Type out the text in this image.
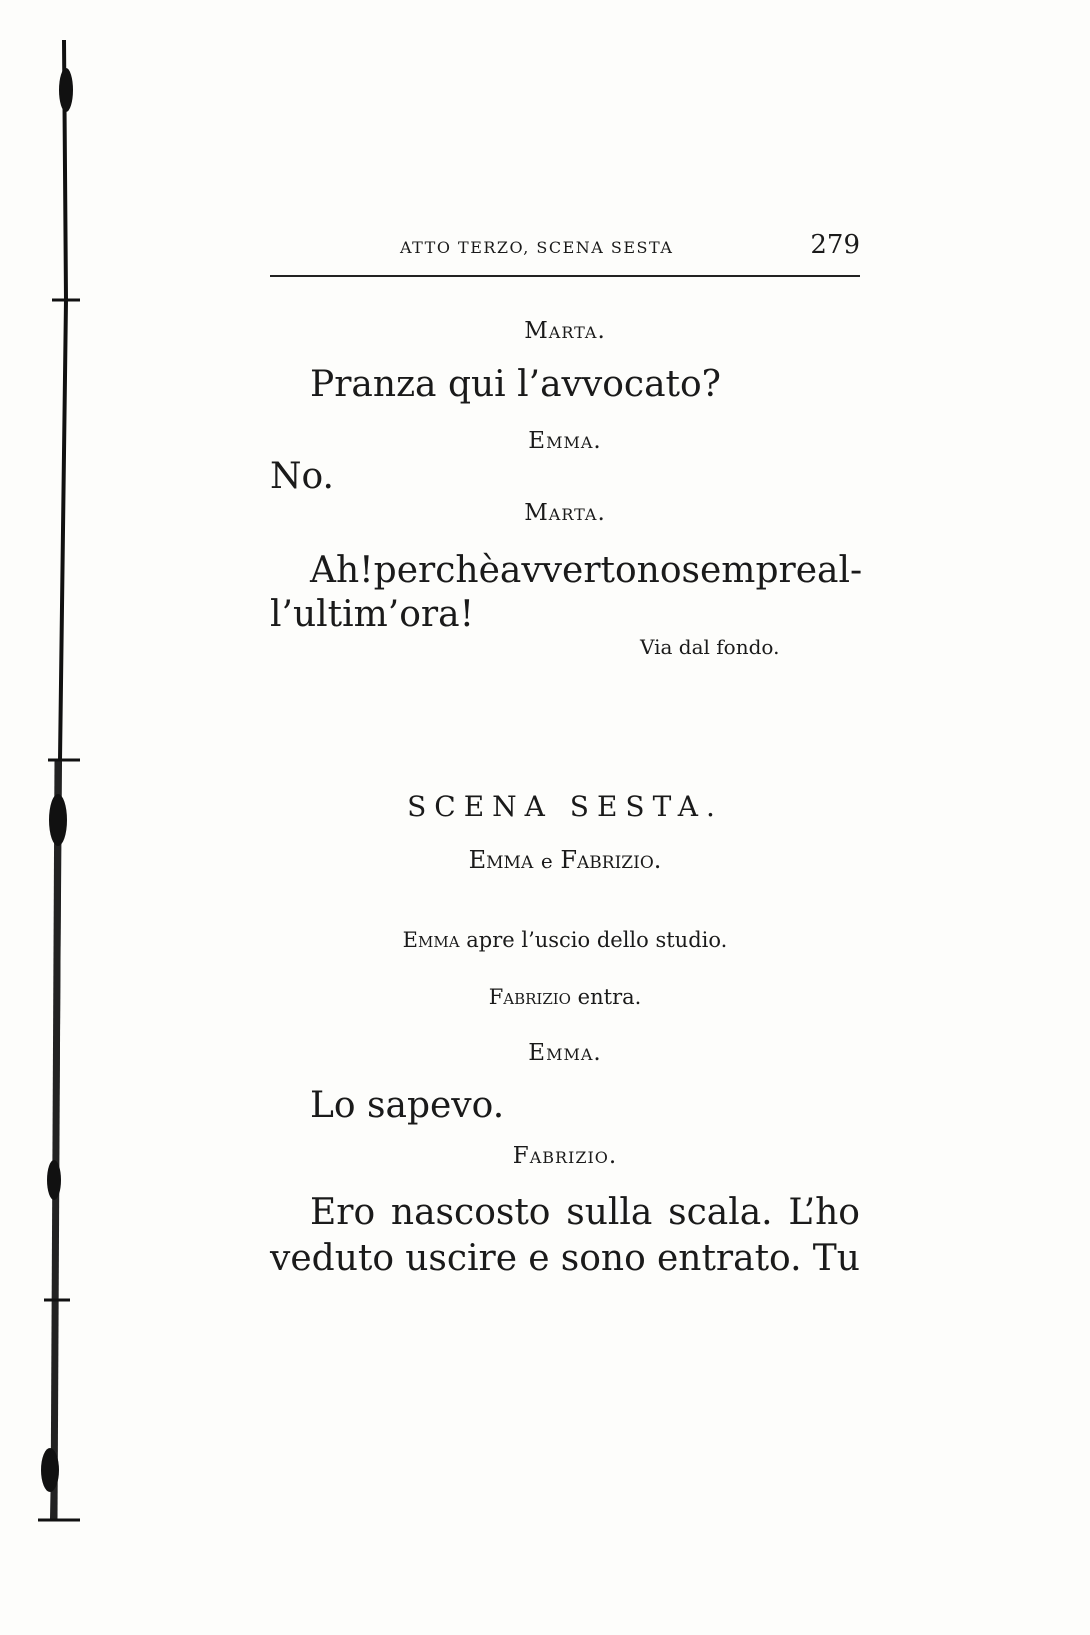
ATTO TERZO, SCENA SESTA	279
Marta.
Pranza qui l’avvocato?
Emma.
No.
Marta.
Ah! perchè avvertono sempre al-
l’ultim’ora!
Via dal fondo.
SCENA SESTA.
Emma e Fabrizio.
Emma apre l’uscio dello studio.
Fabrizio entra.
Emma.
Lo sapevo.
Fabrizio.
Ero nascosto sulla scala. L’ho
veduto uscire e sono entrato. Tu
